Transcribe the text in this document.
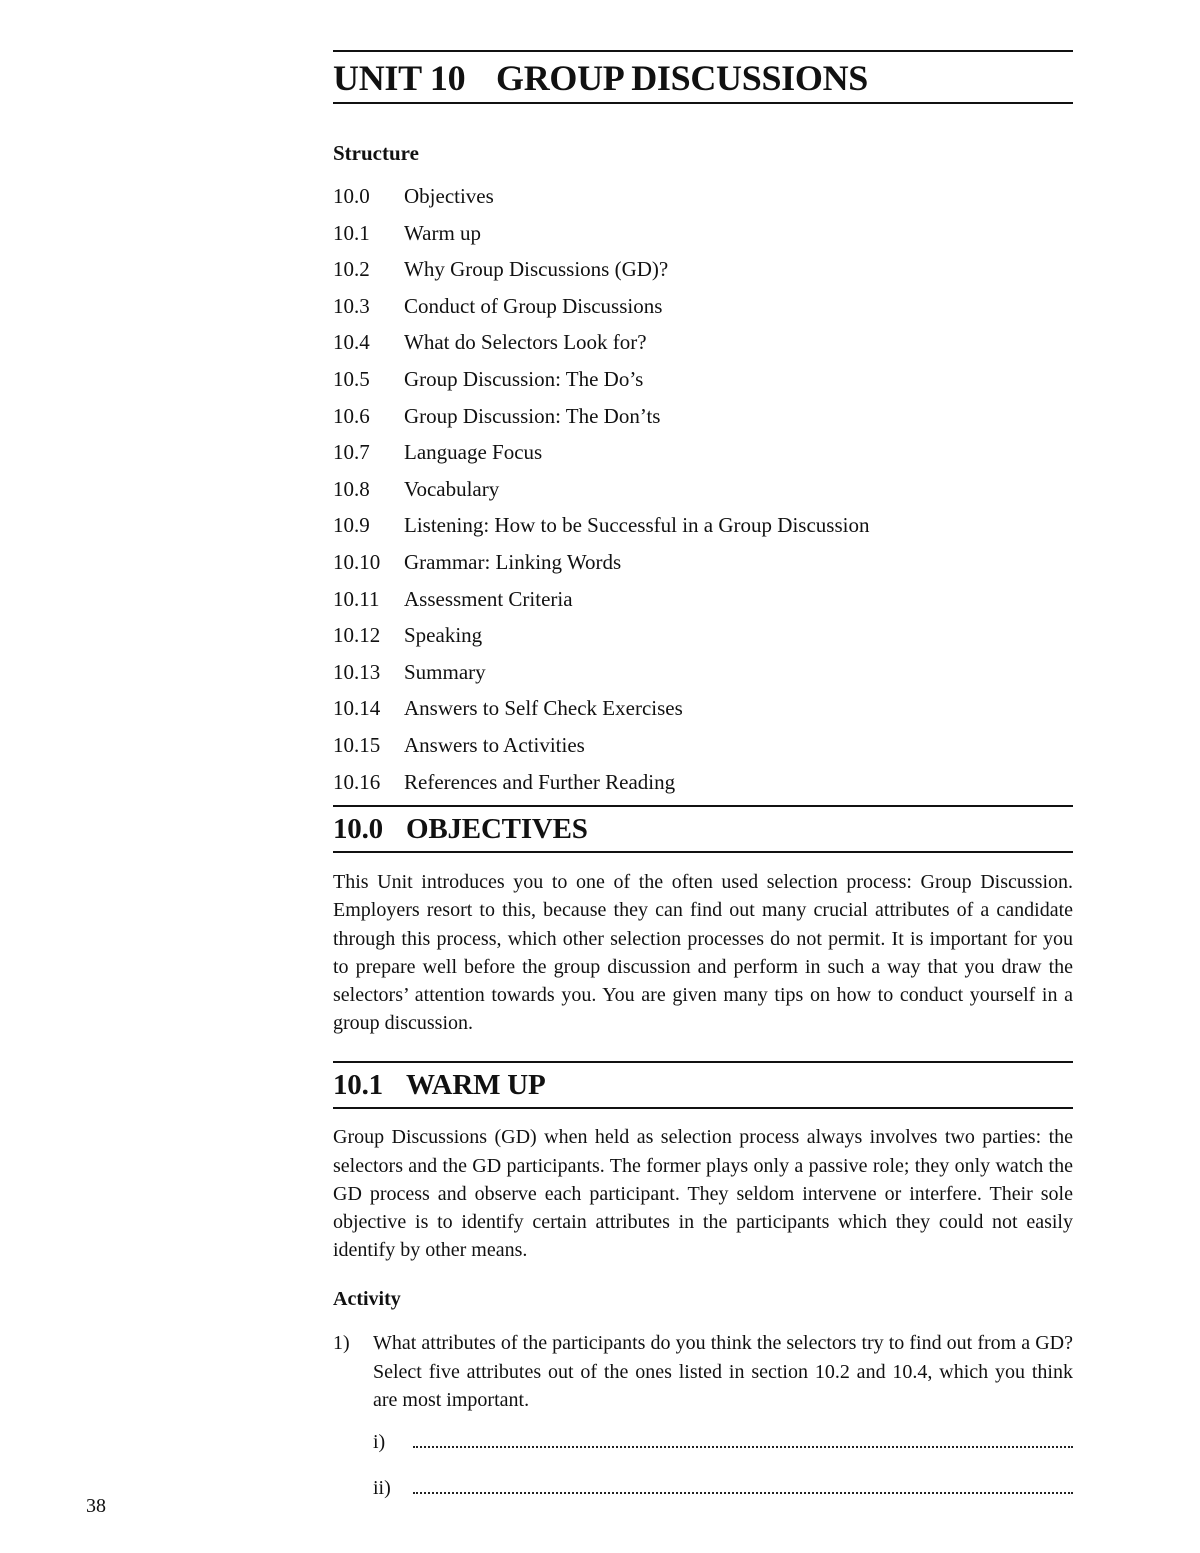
UNIT 10 GROUP DISCUSSIONS
Structure
10.0	Objectives
10.1	Warm up
10.2	Why Group Discussions (GD)?
10.3	Conduct of Group Discussions
10.4	What do Selectors Look for?
10.5	Group Discussion: The Do’s
10.6	Group Discussion: The Don’ts
10.7	Language Focus
10.8	Vocabulary
10.9	Listening: How to be Successful in a Group Discussion
10.10	Grammar: Linking Words
10.11	Assessment Criteria
10.12	Speaking
10.13	Summary
10.14	Answers to Self Check Exercises
10.15	Answers to Activities
10.16	References and Further Reading
10.0 OBJECTIVES

This Unit introduces you to one of the often used selection process: Group Discussion. Employers resort to this, because they can find out many crucial attributes of a candidate through this process, which other selection processes do not permit. It is important for you to prepare well before the group discussion and perform in such a way that you draw the selectors’ attention towards you. You are given many tips on how to conduct yourself in a group discussion.

10.1 WARM UP

Group Discussions (GD) when held as selection process always involves two parties: the selectors and the GD participants. The former plays only a passive role; they only watch the GD process and observe each participant. They seldom intervene or interfere. Their sole objective is to identify certain attributes in the participants which they could not easily identify by other means.

Activity
1)	What attributes of the participants do you think the selectors try to find out from a GD? Select five attributes out of the ones listed in section 10.2 and 10.4, which you think are most important.
i)
ii)
38
